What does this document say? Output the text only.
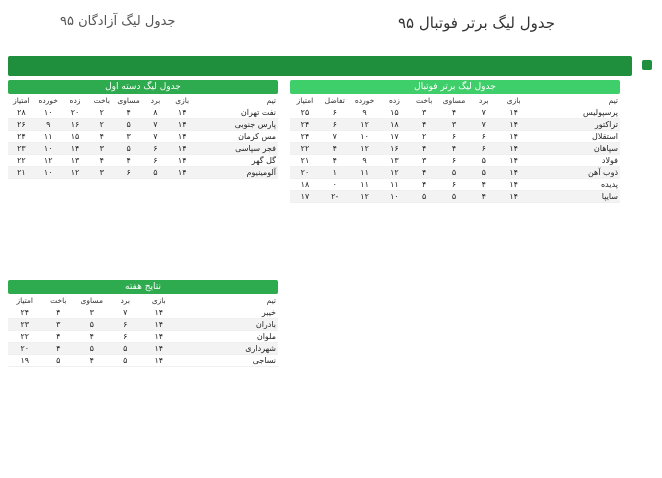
جدول لیگ برتر فوتبال ۹۵
جدول لیگ آزادگان ۹۵
جدول لیگ برتر فوتبال
تیم
بازی
برد
مساوی
باخت
زده
خورده
تفاضل
امتیاز
پرسپولیس
۱۴
۷
۴
۳
۱۵
۹
۶
۲۵
تراکتور
۱۴
۷
۳
۴
۱۸
۱۲
۶
۲۴
استقلال
۱۴
۶
۶
۲
۱۷
۱۰
۷
۲۴
سپاهان
۱۴
۶
۴
۴
۱۶
۱۲
۴
۲۲
فولاد
۱۴
۵
۶
۳
۱۳
۹
۴
۲۱
ذوب آهن
۱۴
۵
۵
۴
۱۲
۱۱
۱
۲۰
پدیده
۱۴
۴
۶
۴
۱۱
۱۱
۰
۱۸
سایپا
۱۴
۴
۵
۵
۱۰
۱۲
-۲
۱۷
جدول لیگ دسته اول
تیم
بازی
برد
مساوی
باخت
زده
خورده
امتیاز
نفت تهران
۱۴
۸
۴
۲
۲۰
۱۰
۲۸
پارس جنوبی
۱۴
۷
۵
۲
۱۶
۹
۲۶
مس کرمان
۱۴
۷
۳
۴
۱۵
۱۱
۲۴
فجر سپاسی
۱۴
۶
۵
۳
۱۴
۱۰
۲۳
گل گهر
۱۴
۶
۴
۴
۱۳
۱۲
۲۲
آلومینیوم
۱۴
۵
۶
۳
۱۲
۱۰
۲۱
نتایج هفته
تیم
بازی
برد
مساوی
باخت
امتیاز
خیبر
۱۴
۷
۳
۴
۲۴
بادران
۱۴
۶
۵
۳
۲۳
ملوان
۱۴
۶
۴
۴
۲۲
شهرداری
۱۴
۵
۵
۴
۲۰
نساجی
۱۴
۵
۴
۵
۱۹
